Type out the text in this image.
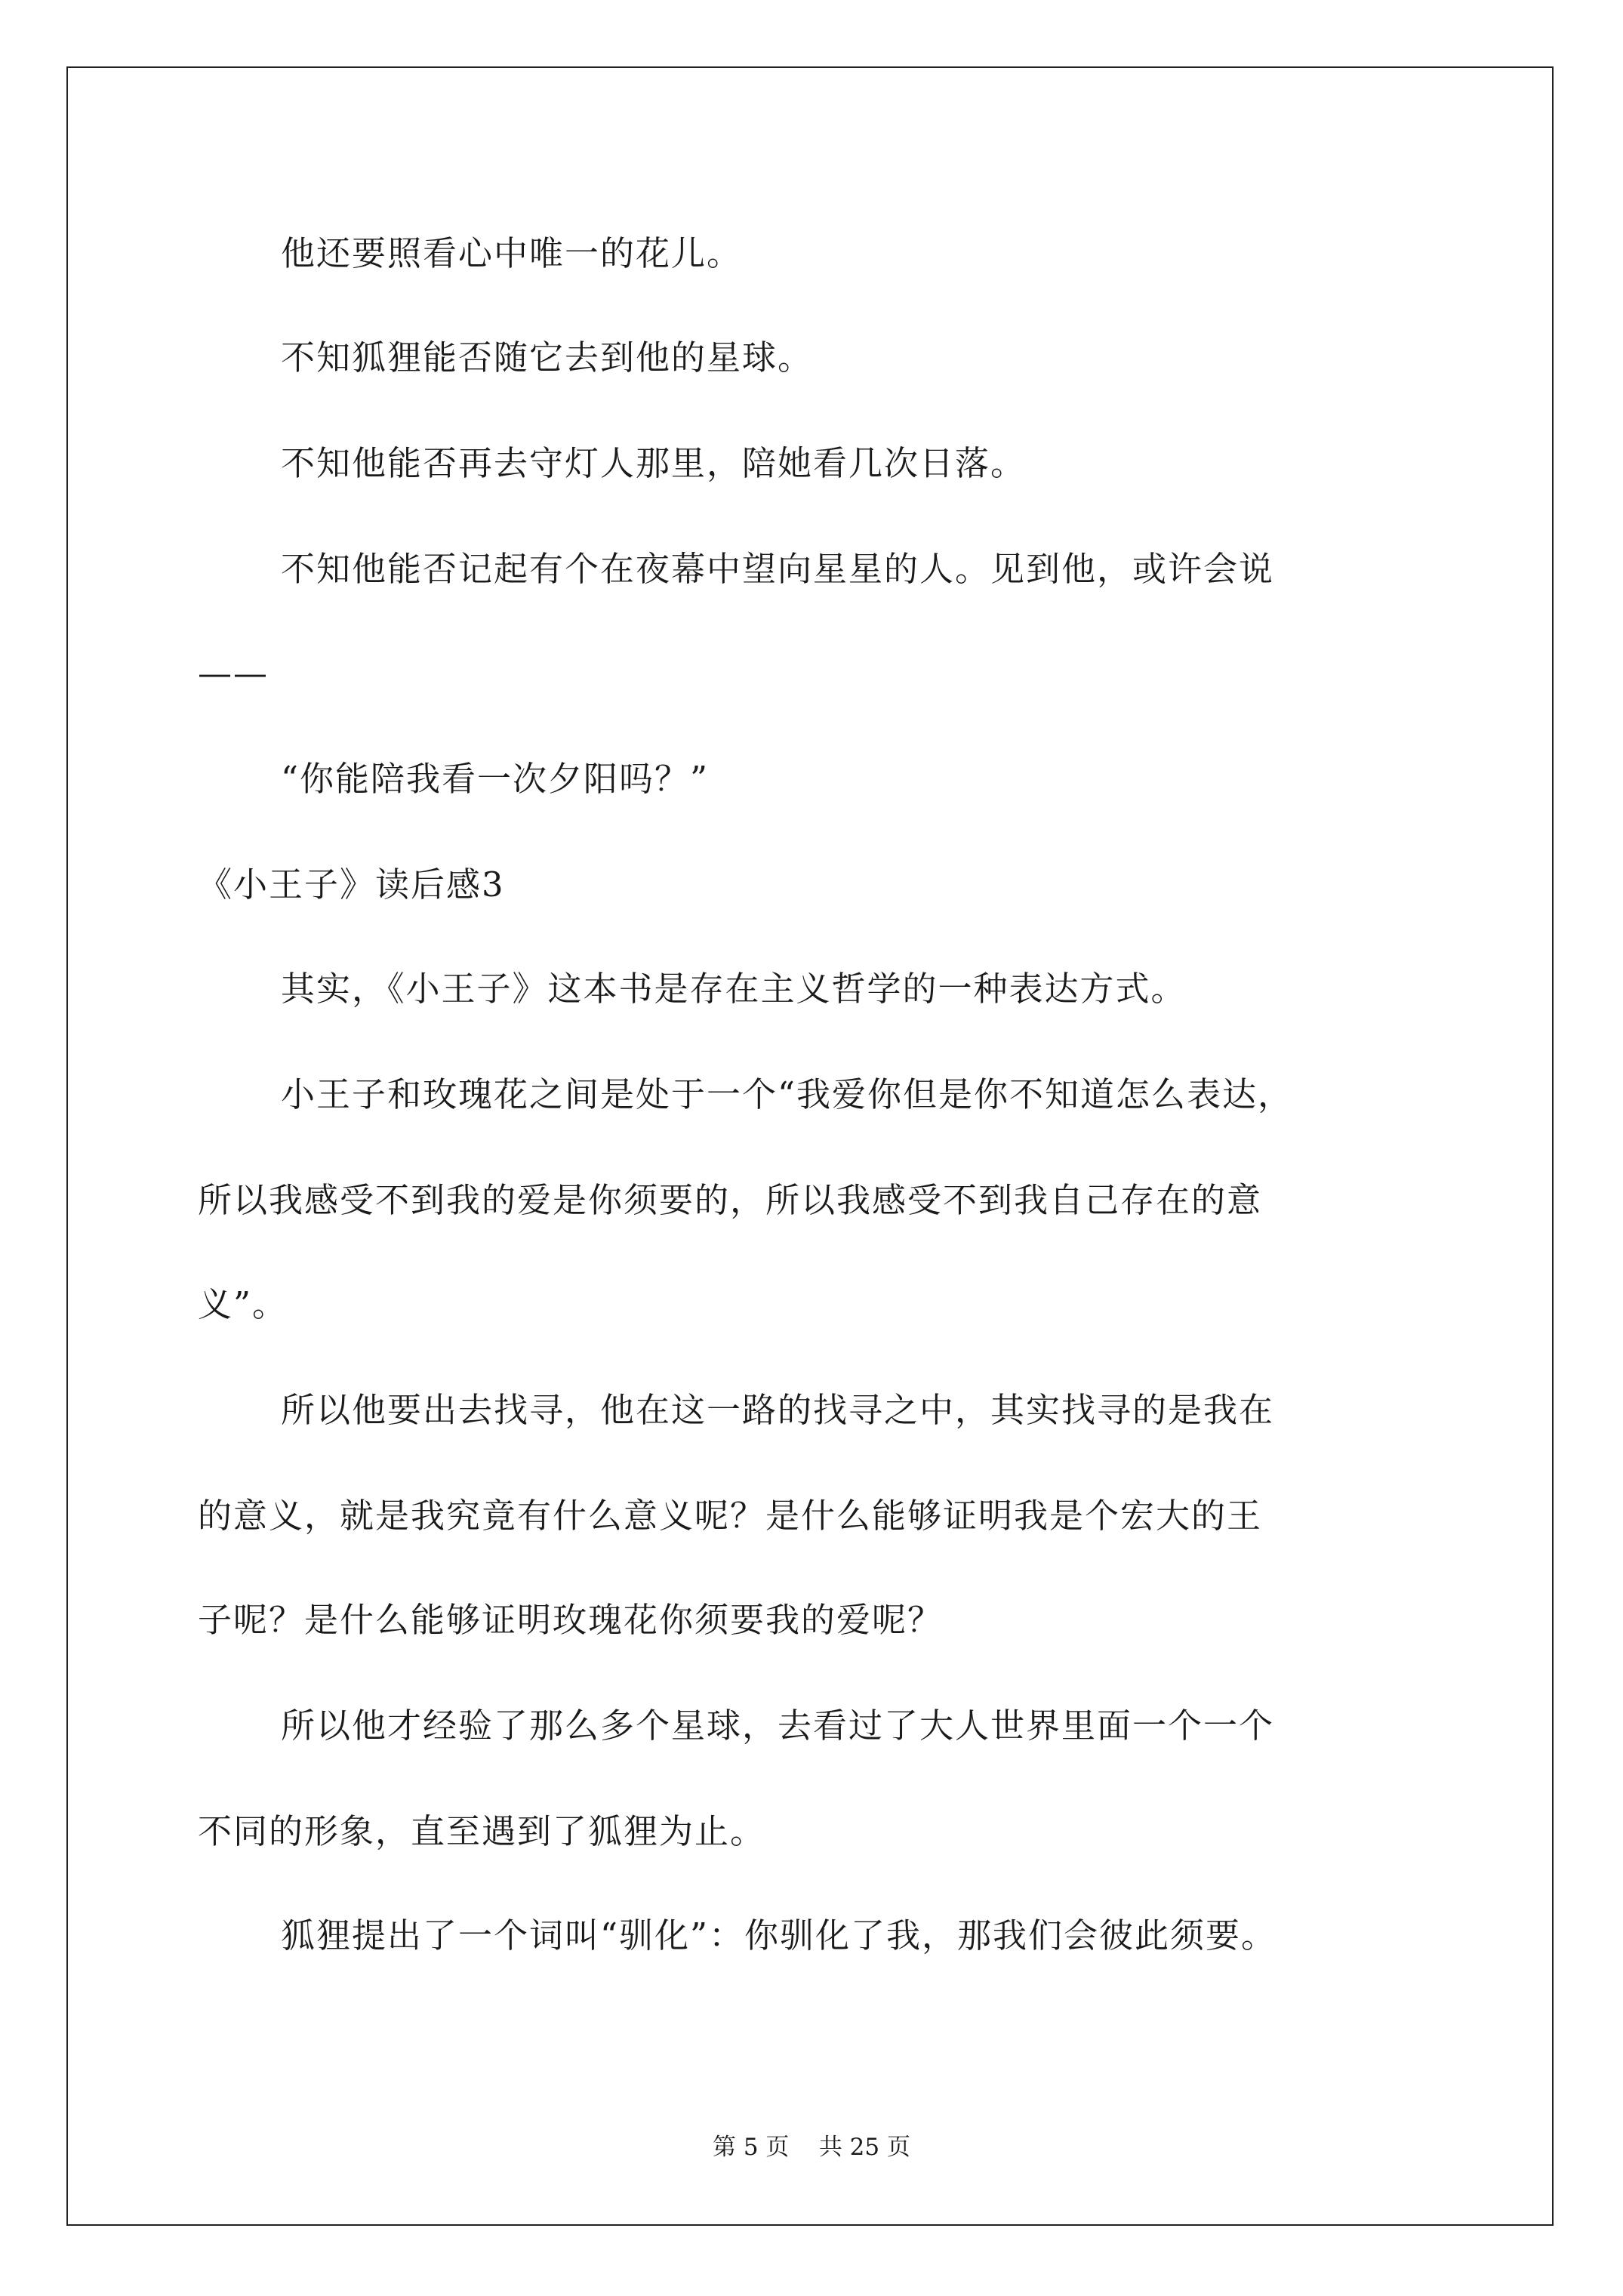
他还要照看心中唯一的花儿。
不知狐狸能否随它去到他的星球。
不知他能否再去守灯人那里，陪她看几次日落。
不知他能否记起有个在夜幕中望向星星的人。见到他，或许会说
——
“你能陪我看一次夕阳吗？”
《小王子》读后感3
其实，《小王子》这本书是存在主义哲学的一种表达方式。
小王子和玫瑰花之间是处于一个“我爱你但是你不知道怎么表达，
所以我感受不到我的爱是你须要的，所以我感受不到我自己存在的意
义”。
所以他要出去找寻，他在这一路的找寻之中，其实找寻的是我在
的意义，就是我究竟有什么意义呢？是什么能够证明我是个宏大的王
子呢？是什么能够证明玫瑰花你须要我的爱呢？
所以他才经验了那么多个星球，去看过了大人世界里面一个一个
不同的形象，直至遇到了狐狸为止。
狐狸提出了一个词叫“驯化”：你驯化了我，那我们会彼此须要。
第 5 页    共 25 页
